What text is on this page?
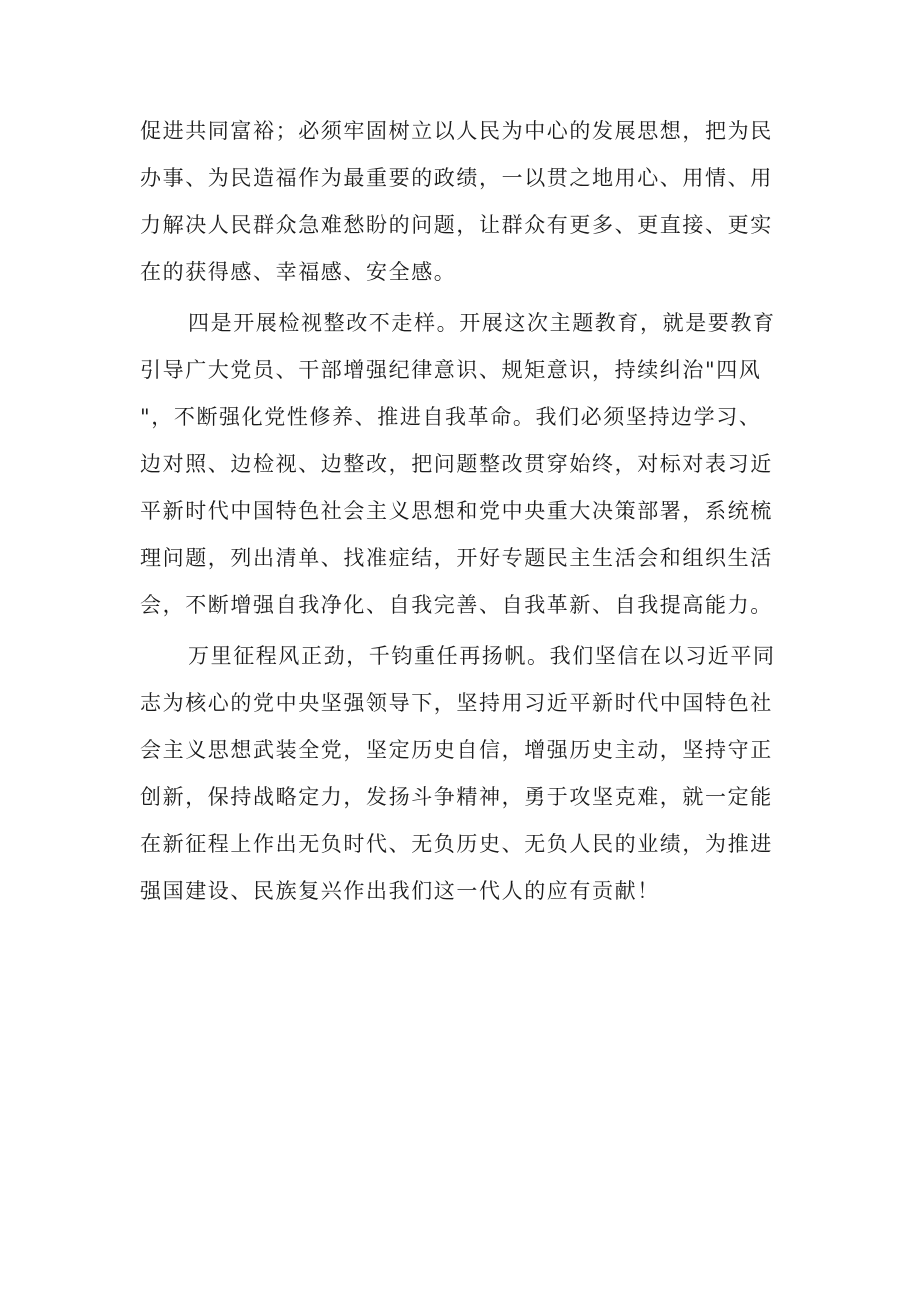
促进共同富裕；必须牢固树立以人民为中心的发展思想，把为民
办事、为民造福作为最重要的政绩，一以贯之地用心、用情、用
力解决人民群众急难愁盼的问题，让群众有更多、更直接、更实
在的获得感、幸福感、安全感。
四是开展检视整改不走样。开展这次主题教育，就是要教育
引导广大党员、干部增强纪律意识、规矩意识，持续纠治"四风
"，不断强化党性修养、推进自我革命。我们必须坚持边学习、
边对照、边检视、边整改，把问题整改贯穿始终，对标对表习近
平新时代中国特色社会主义思想和党中央重大决策部署，系统梳
理问题，列出清单、找准症结，开好专题民主生活会和组织生活
会，不断增强自我净化、自我完善、自我革新、自我提高能力。
万里征程风正劲，千钧重任再扬帆。我们坚信在以习近平同
志为核心的党中央坚强领导下，坚持用习近平新时代中国特色社
会主义思想武装全党，坚定历史自信，增强历史主动，坚持守正
创新，保持战略定力，发扬斗争精神，勇于攻坚克难，就一定能
在新征程上作出无负时代、无负历史、无负人民的业绩，为推进
强国建设、民族复兴作出我们这一代人的应有贡献！
